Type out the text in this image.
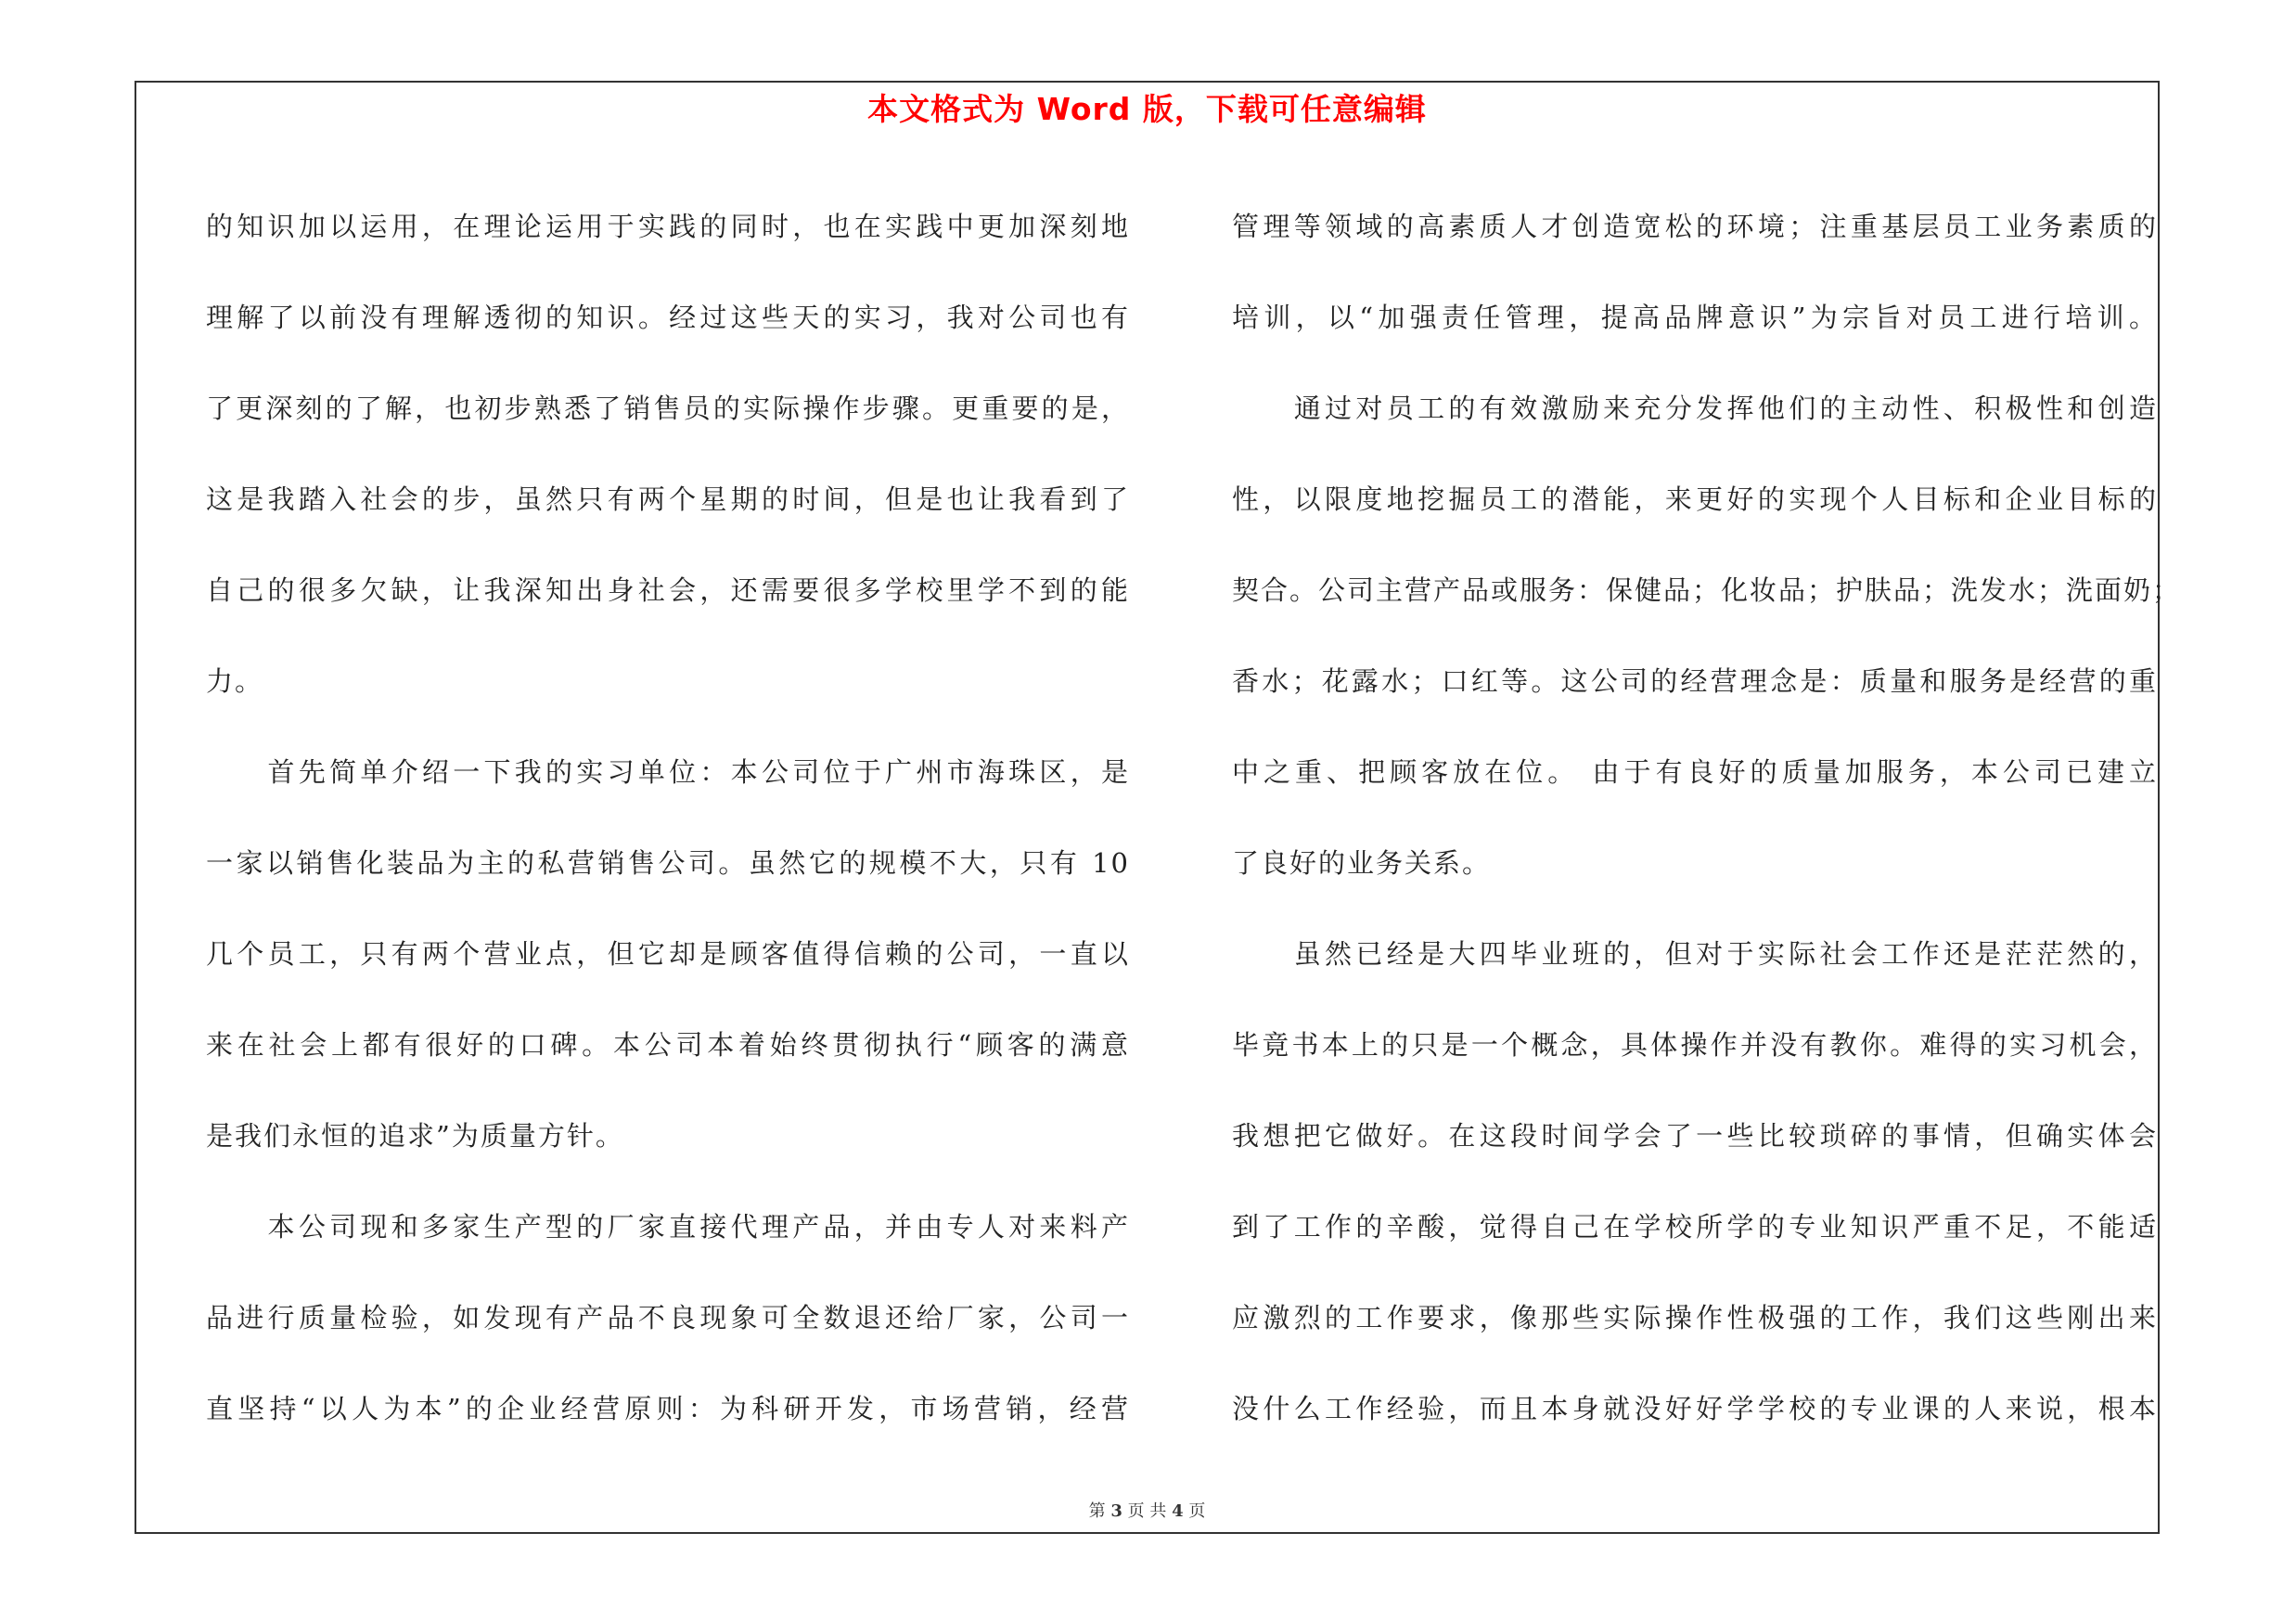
本文格式为 Word 版，下载可任意编辑
的知识加以运用，在理论运用于实践的同时，也在实践中更加深刻地
理解了以前没有理解透彻的知识。经过这些天的实习，我对公司也有
了更深刻的了解，也初步熟悉了销售员的实际操作步骤。更重要的是，
这是我踏入社会的步，虽然只有两个星期的时间，但是也让我看到了
自己的很多欠缺，让我深知出身社会，还需要很多学校里学不到的能
力。
　　首先简单介绍一下我的实习单位：本公司位于广州市海珠区，是
一家以销售化装品为主的私营销售公司。虽然它的规模不大，只有 10
几个员工，只有两个营业点，但它却是顾客值得信赖的公司，一直以
来在社会上都有很好的口碑。本公司本着始终贯彻执行“顾客的满意
是我们永恒的追求”为质量方针。
　　本公司现和多家生产型的厂家直接代理产品，并由专人对来料产
品进行质量检验，如发现有产品不良现象可全数退还给厂家，公司一
直坚持“以人为本”的企业经营原则：为科研开发，市场营销，经营
管理等领域的高素质人才创造宽松的环境；注重基层员工业务素质的
培训，以“加强责任管理，提高品牌意识”为宗旨对员工进行培训。
　　通过对员工的有效激励来充分发挥他们的主动性、积极性和创造
性，以限度地挖掘员工的潜能，来更好的实现个人目标和企业目标的
契合。公司主营产品或服务：保健品；化妆品；护肤品；洗发水；洗面奶；
香水；花露水；口红等。这公司的经营理念是：质量和服务是经营的重
中之重、把顾客放在位。 由于有良好的质量加服务，本公司已建立
了良好的业务关系。
　　虽然已经是大四毕业班的，但对于实际社会工作还是茫茫然的，
毕竟书本上的只是一个概念，具体操作并没有教你。难得的实习机会，
我想把它做好。在这段时间学会了一些比较琐碎的事情，但确实体会
到了工作的辛酸，觉得自己在学校所学的专业知识严重不足，不能适
应激烈的工作要求，像那些实际操作性极强的工作，我们这些刚出来
没什么工作经验，而且本身就没好好学学校的专业课的人来说，根本
第 3 页 共 4 页
